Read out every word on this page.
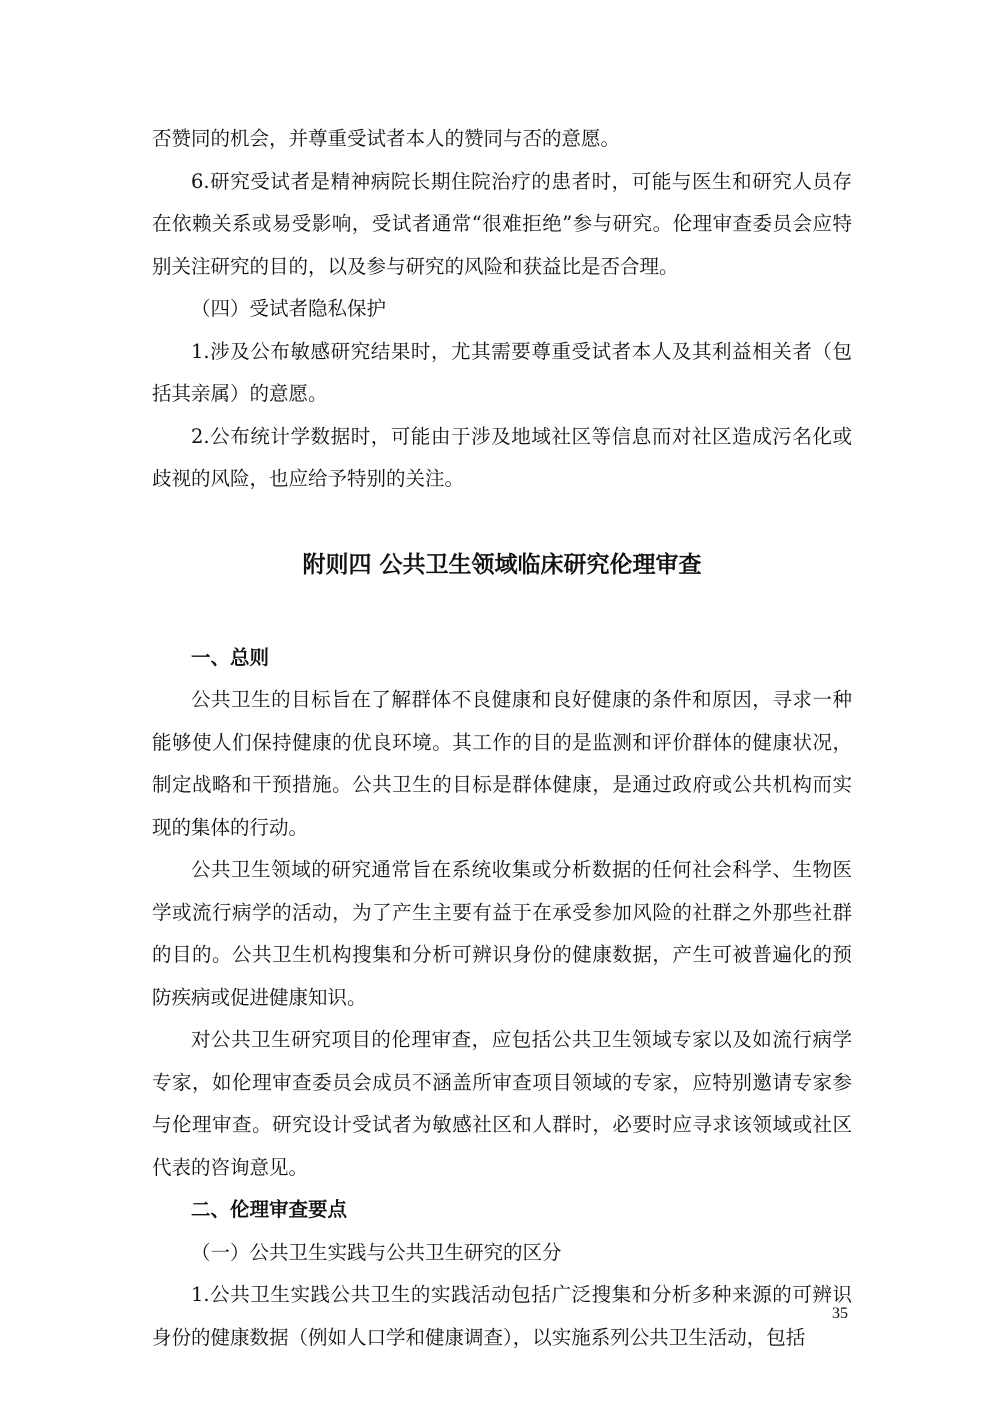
否赞同的机会，并尊重受试者本人的赞同与否的意愿。

6.研究受试者是精神病院长期住院治疗的患者时，可能与医生和研究人员存在依赖关系或易受影响，受试者通常“很难拒绝”参与研究。伦理审查委员会应特别关注研究的目的，以及参与研究的风险和获益比是否合理。

（四）受试者隐私保护

1.涉及公布敏感研究结果时，尤其需要尊重受试者本人及其利益相关者（包括其亲属）的意愿。

2.公布统计学数据时，可能由于涉及地域社区等信息而对社区造成污名化或歧视的风险，也应给予特别的关注。

附则四 公共卫生领域临床研究伦理审查

一、总则

公共卫生的目标旨在了解群体不良健康和良好健康的条件和原因，寻求一种能够使人们保持健康的优良环境。其工作的目的是监测和评价群体的健康状况，制定战略和干预措施。公共卫生的目标是群体健康，是通过政府或公共机构而实现的集体的行动。

公共卫生领域的研究通常旨在系统收集或分析数据的任何社会科学、生物医学或流行病学的活动，为了产生主要有益于在承受参加风险的社群之外那些社群的目的。公共卫生机构搜集和分析可辨识身份的健康数据，产生可被普遍化的预防疾病或促进健康知识。

对公共卫生研究项目的伦理审查，应包括公共卫生领域专家以及如流行病学专家，如伦理审查委员会成员不涵盖所审查项目领域的专家，应特别邀请专家参与伦理审查。研究设计受试者为敏感社区和人群时，必要时应寻求该领域或社区代表的咨询意见。

二、伦理审查要点

（一）公共卫生实践与公共卫生研究的区分

1.公共卫生实践公共卫生的实践活动包括广泛搜集和分析多种来源的可辨识身份的健康数据（例如人口学和健康调查），以实施系列公共卫生活动，包括

35
